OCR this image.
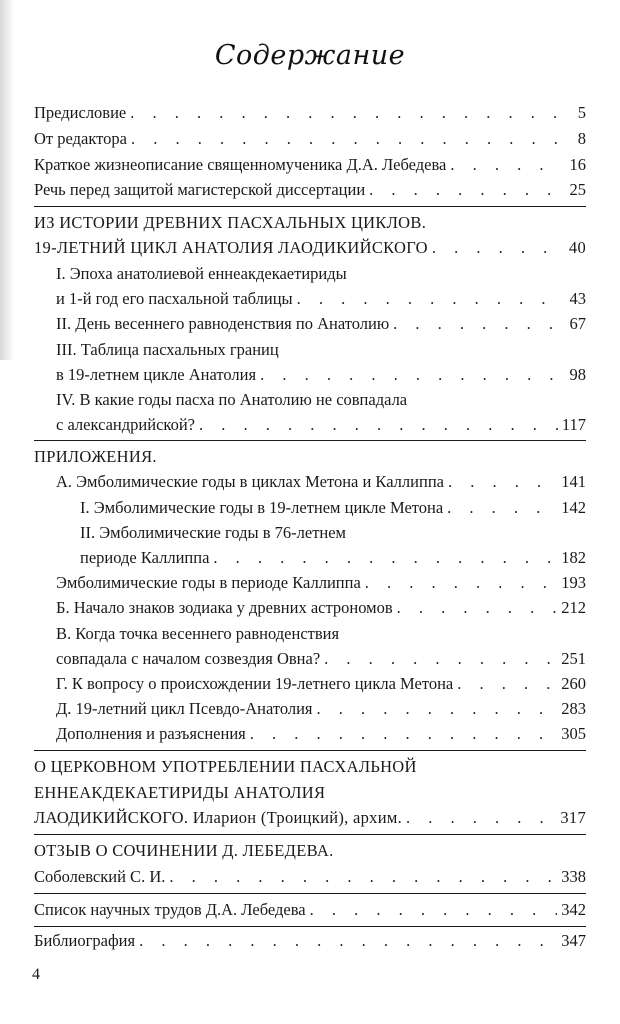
Содержание
Предисловие . . .	5
От редактора . . .	8
Краткое жизнеописание священномученика Д.А. Лебедева . . .	16
Речь перед защитой магистерской диссертации . . .	25
ИЗ ИСТОРИИ ДРЕВНИХ ПАСХАЛЬНЫХ ЦИКЛОВ.
19-ЛЕТНИЙ ЦИКЛ АНАТОЛИЯ ЛАОДИКИЙСКОГО . . .	40
I. Эпоха анатолиевой еннеакдекаетириды
и 1-й год его пасхальной таблицы . . .	43
II. День весеннего равноденствия по Анатолию . . .	67
III. Таблица пасхальных границ
в 19-летнем цикле Анатолия . . .	98
IV. В какие годы пасха по Анатолию не совпадала
с александрийской? . . .	117
ПРИЛОЖЕНИЯ.
А. Эмболимические годы в циклах Метона и Каллиппа . . .	141
I. Эмболимические годы в 19-летнем цикле Метона . . .	142
II. Эмболимические годы в 76-летнем
периоде Каллиппа . . .	182
Эмболимические годы в периоде Каллиппа . . .	193
Б. Начало знаков зодиака у древних астрономов . . .	212
В. Когда точка весеннего равноденствия
совпадала с началом созвездия Овна? . . .	251
Г. К вопросу о происхождении 19-летнего цикла Метона . . .	260
Д. 19-летний цикл Псевдо-Анатолия . . .	283
Дополнения и разъяснения . . .	305
О ЦЕРКОВНОМ УПОТРЕБЛЕНИИ ПАСХАЛЬНОЙ
ЕННЕАКДЕКАЕТИРИДЫ АНАТОЛИЯ
ЛАОДИКИЙСКОГО. Иларион (Троицкий), архим. . . .	317
ОТЗЫВ О СОЧИНЕНИИ Д. ЛЕБЕДЕВА.
Соболевский С. И. . . .	338
Список научных трудов Д.А. Лебедева . . .	342
Библиография . . .	347
4
